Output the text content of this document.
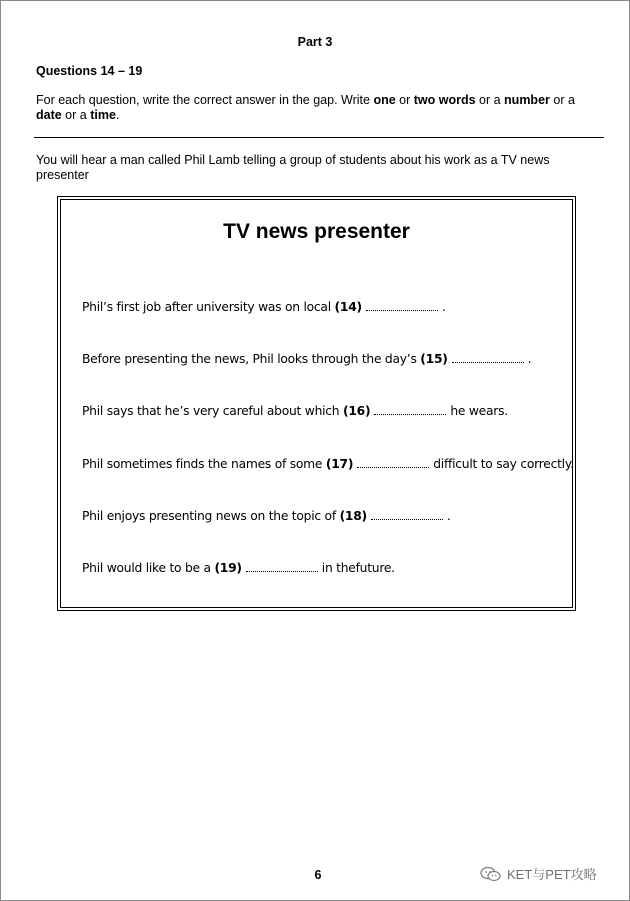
Part 3
Questions 14 – 19
For each question, write the correct answer in the gap. Write one or two words or a number or a date or a time.
You will hear a man called Phil Lamb telling a group of students about his work as a TV news presenter
TV news presenter
Phil’s first job after university was on local (14)	.
Before presenting the news, Phil looks through the day’s (15)	.
Phil says that he’s very careful about which (16)	he wears.
Phil sometimes finds the names of some (17)	difficult to say correctly.
Phil enjoys presenting news on the topic of (18)	.
Phil would like to be a (19)	in thefuture.
6	KET与PET攻略
